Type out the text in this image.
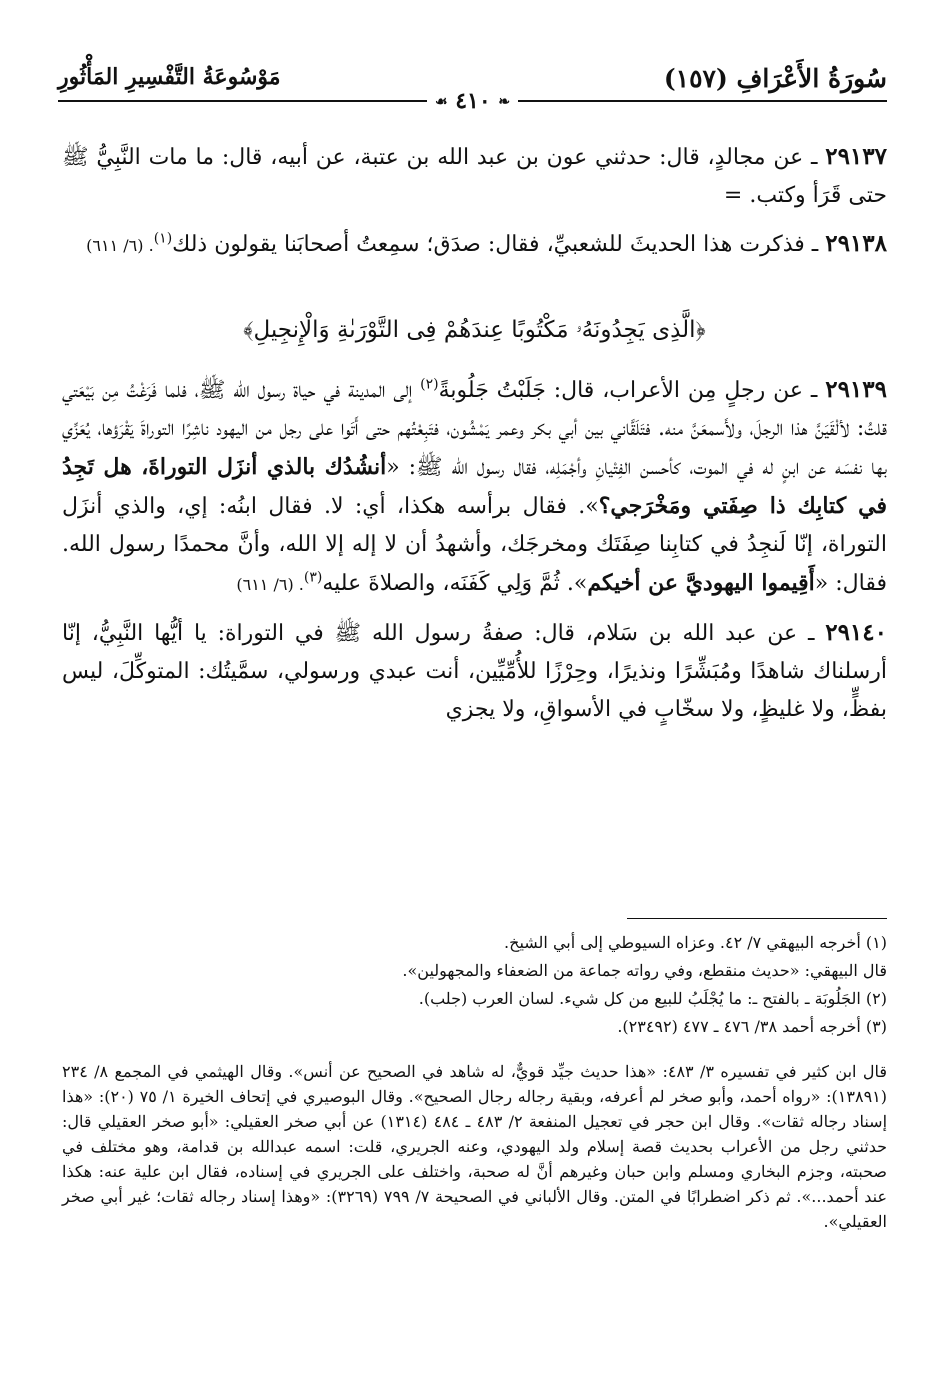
سُورَةُ الأَعْرَافِ (١٥٧)
مَوْسُوعَةُ التَّفْسِيرِ المَأْثُورِ
❧ ٤١٠ ☙

٢٩١٣٧ ـ عن مجالدٍ، قال: حدثني عون بن عبد الله بن عتبة، عن أبيه، قال: ما مات النَّبِيُّ ﷺ حتى قَرَأ وكتب. =

٢٩١٣٨ ـ فذكرت هذا الحديثَ للشعبيِّ، فقال: صدَق؛ سمِعتُ أصحابَنا يقولون ذلك$^{(١)}$. (٦/ ٦١١)

﴿الَّذِى يَجِدُونَهُۥ مَكْتُوبًا عِندَهُمْ فِى التَّوْرَىٰةِ وَالْإِنجِيلِ﴾

٢٩١٣٩ ـ عن رجلٍ مِن الأعراب، قال: جَلَبْتُ جَلُوبةً$^{(٢)}$ إلى المدينة في حياة رسول الله ﷺ، فلما فَرَغْتُ مِن بَيْعَتي قلتُ: لألْقَيَنَّ هذا الرجلَ، ولأَسمعَنَّ منه. فتَلَقَّاني بين أبي بكر وعمر يَمْشُون، فتَبِعْتُهم حتى أَتَوا على رجل من اليهود ناشِرًا التوراةَ يَقْرَؤها، يُعَزِّي بها نفسَه عن ابنٍ له في الموت، كأحسن الفِتْيانِ وأجْمَلِه، فقال رسول الله ﷺ: «أنشُدُك بالذي أنزَل التوراةَ، هل تَجِدُ في كتابِك ذا صِفَتي ومَخْرَجي؟». فقال برأسه هكذا، أي: لا. فقال ابنُه: إي، والذي أنزَل التوراة، إنّا لَنجِدُ في كتابِنا صِفَتَك ومخرجَك، وأشهدُ أن لا إله إلا الله، وأنَّ محمدًا رسول الله. فقال: «أَقِيموا اليهوديَّ عن أخيكم». ثُمَّ وَلِي كَفَنَه، والصلاةَ عليه$^{(٣)}$. (٦/ ٦١١)

٢٩١٤٠ ـ عن عبد الله بن سَلام، قال: صفةُ رسول الله ﷺ في التوراة: يا أيُّها النَّبِيُّ، إنّا أرسلناك شاهدًا ومُبَشِّرًا ونذيرًا، وحِرْزًا للأُمِّيِّين، أنت عبدي ورسولي، سمَّيتُك: المتوكِّلَ، ليس بفظٍّ، ولا غليظٍ، ولا سخّابٍ في الأسواقِ، ولا يجزي

(١) أخرجه البيهقي ٧/ ٤٢. وعزاه السيوطي إلى أبي الشيخ.

قال البيهقي: «حديث منقطع، وفي رواته جماعة من الضعفاء والمجهولين».

(٢) الجَلُوبَة ـ بالفتح ـ: ما يُجْلَبُ للبيع من كل شيء. لسان العرب (جلب).

(٣) أخرجه أحمد ٣٨/ ٤٧٦ ـ ٤٧٧ (٢٣٤٩٢).

قال ابن كثير في تفسيره ٣/ ٤٨٣: «هذا حديث جيِّد قويٌّ، له شاهد في الصحيح عن أنس». وقال الهيثمي في المجمع ٨/ ٢٣٤ (١٣٨٩١): «رواه أحمد، وأبو صخر لم أعرفه، وبقية رجاله رجال الصحيح». وقال البوصيري في إتحاف الخيرة ١/ ٧٥ (٢٠): «هذا إسناد رجاله ثقات». وقال ابن حجر في تعجيل المنفعة ٢/ ٤٨٣ ـ ٤٨٤ (١٣١٤) عن أبي صخر العقيلي: «أبو صخر العقيلي قال: حدثني رجل من الأعراب بحديث قصة إسلام ولد اليهودي، وعنه الجريري، قلت: اسمه عبدالله بن قدامة، وهو مختلف في صحبته، وجزم البخاري ومسلم وابن حبان وغيرهم أنَّ له صحبة، واختلف على الجريري في إسناده، فقال ابن علية عنه: هكذا عند أحمد...». ثم ذكر اضطرابًا في المتن. وقال الألباني في الصحيحة ٧/ ٧٩٩ (٣٢٦٩): «وهذا إسناد رجاله ثقات؛ غير أبي صخر العقيلي».
